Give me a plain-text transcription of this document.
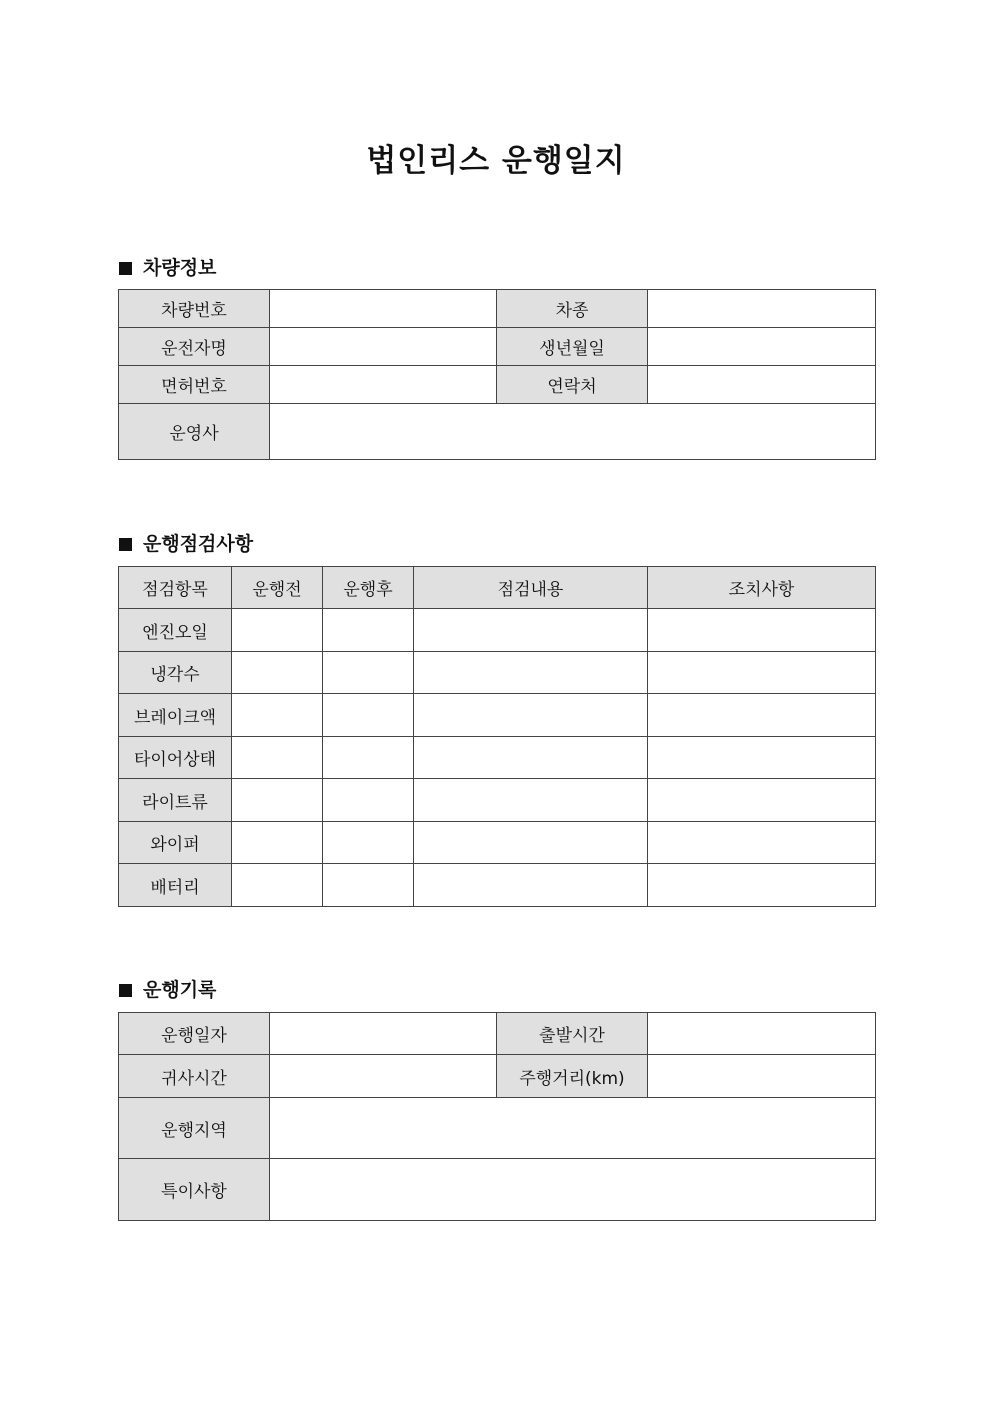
법인리스 운행일지
차량정보
차량번호		차종	
운전자명		생년월일	
면허번호		연락처	
운영사			
운행점검사항
점검항목	운행전	운행후	점검내용	조치사항
엔진오일				
냉각수				
브레이크액				
타이어상태				
라이트류				
와이퍼				
배터리				
운행기록
운행일자		출발시간	
귀사시간		주행거리(km)	
운행지역			
특이사항			
